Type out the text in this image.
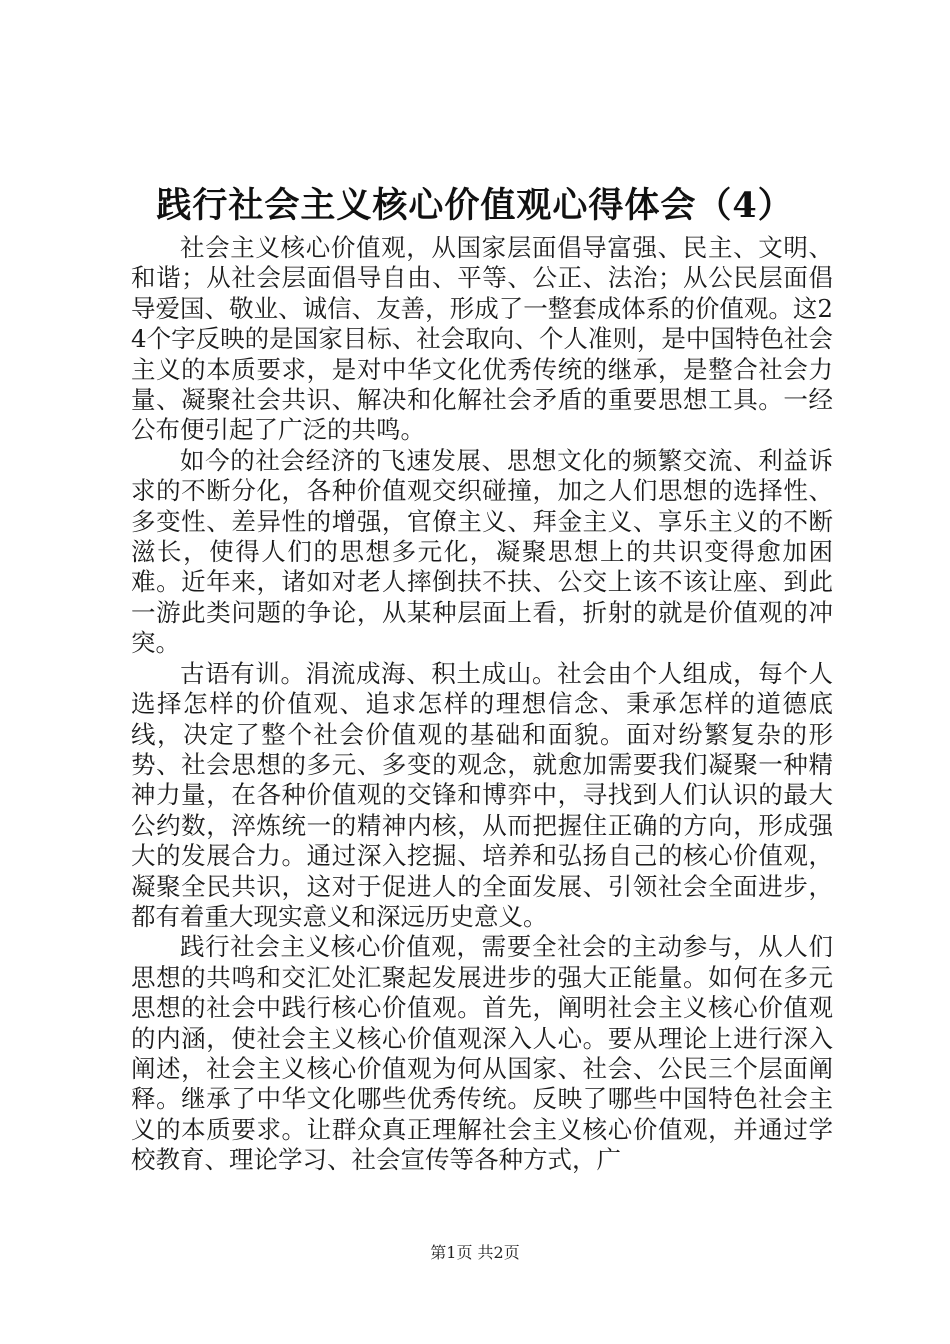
践行社会主义核心价值观心得体会（4）

社会主义核心价值观，从国家层面倡导富强、民主、文明、和谐；从社会层面倡导自由、平等、公正、法治；从公民层面倡导爱国、敬业、诚信、友善，形成了一整套成体系的价值观。这24个字反映的是国家目标、社会取向、个人准则，是中国特色社会主义的本质要求，是对中华文化优秀传统的继承，是整合社会力量、凝聚社会共识、解决和化解社会矛盾的重要思想工具。一经公布便引起了广泛的共鸣。

如今的社会经济的飞速发展、思想文化的频繁交流、利益诉求的不断分化，各种价值观交织碰撞，加之人们思想的选择性、多变性、差异性的增强，官僚主义、拜金主义、享乐主义的不断滋长，使得人们的思想多元化，凝聚思想上的共识变得愈加困难。近年来，诸如对老人摔倒扶不扶、公交上该不该让座、到此一游此类问题的争论，从某种层面上看，折射的就是价值观的冲突。

古语有训。涓流成海、积土成山。社会由个人组成，每个人选择怎样的价值观、追求怎样的理想信念、秉承怎样的道德底线，决定了整个社会价值观的基础和面貌。面对纷繁复杂的形势、社会思想的多元、多变的观念，就愈加需要我们凝聚一种精神力量，在各种价值观的交锋和博弈中，寻找到人们认识的最大公约数，淬炼统一的精神内核，从而把握住正确的方向，形成强大的发展合力。通过深入挖掘、培养和弘扬自己的核心价值观，凝聚全民共识，这对于促进人的全面发展、引领社会全面进步，都有着重大现实意义和深远历史意义。

践行社会主义核心价值观，需要全社会的主动参与，从人们思想的共鸣和交汇处汇聚起发展进步的强大正能量。如何在多元思想的社会中践行核心价值观。首先，阐明社会主义核心价值观的内涵，使社会主义核心价值观深入人心。要从理论上进行深入阐述，社会主义核心价值观为何从国家、社会、公民三个层面阐释。继承了中华文化哪些优秀传统。反映了哪些中国特色社会主义的本质要求。让群众真正理解社会主义核心价值观，并通过学校教育、理论学习、社会宣传等各种方式，广

第1页 共2页
